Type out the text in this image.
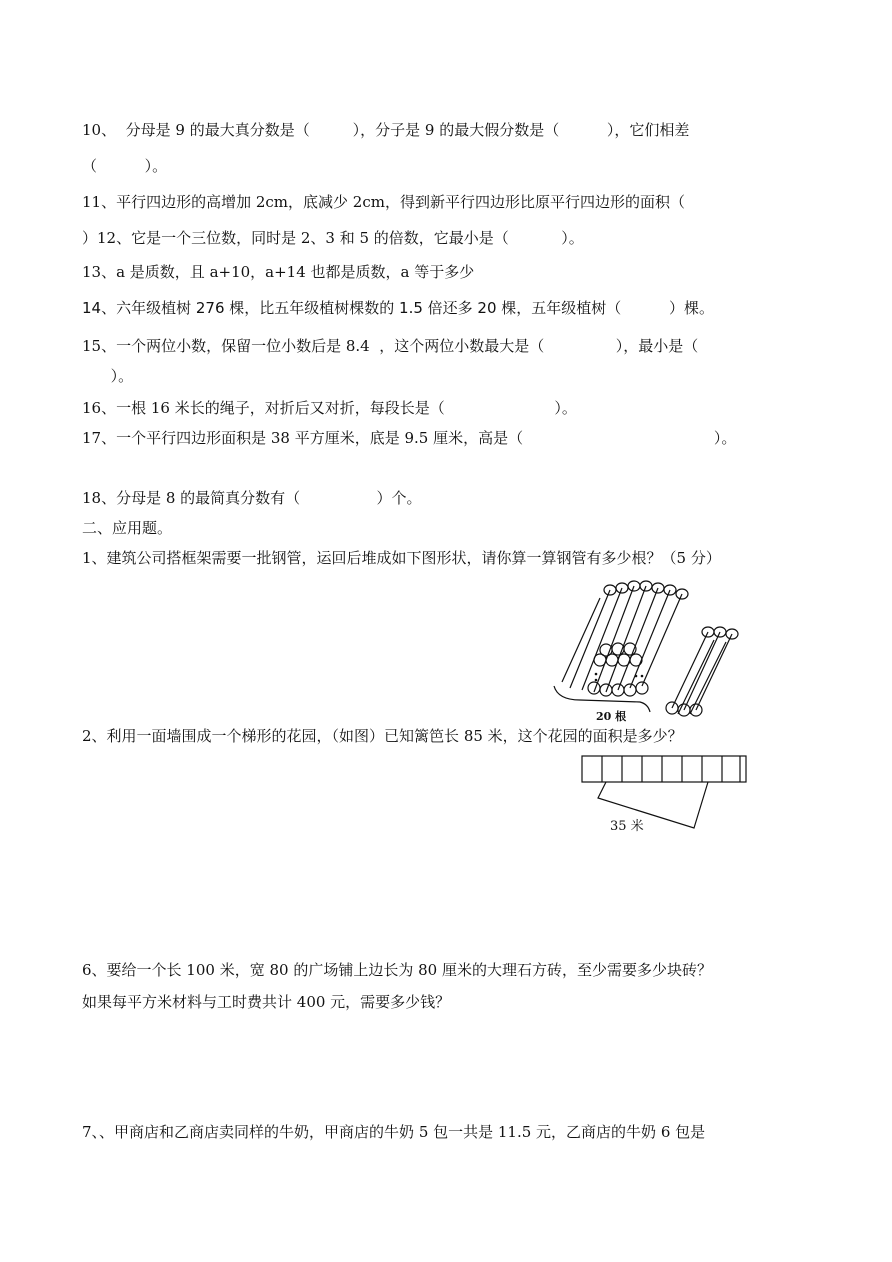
10、  分母是 9 的最大真分数是（         ），分子是 9 的最大假分数是（          ），它们相差
（          ）。
11、平行四边形的高增加 2cm，底减少 2cm，得到新平行四边形比原平行四边形的面积（
）12、它是一个三位数，同时是 2、3 和 5 的倍数，它最小是（           ）。
13、a 是质数，且 a+10，a+14 也都是质数，a 等于多少
14、六年级植树 276 棵，比五年级植树棵数的 1.5 倍还多 20 棵，五年级植树（          ）棵。
15、一个两位小数，保留一位小数后是 8.4  ，这个两位小数最大是（               ），最小是（
）。
16、一根 16 米长的绳子，对折后又对折，每段长是（                       ）。
17、一个平行四边形面积是 38 平方厘米，底是 9.5 厘米，高是（                                        ）。
18、分母是 8 的最简真分数有（                ）个。
二、应用题。
1、建筑公司搭框架需要一批钢管，运回后堆成如下图形状，请你算一算钢管有多少根？（5 分）
20 根
2、利用一面墙围成一个梯形的花园，（如图）已知篱笆长 85 米，这个花园的面积是多少？
35 米
6、要给一个长 100 米，宽 80 的广场铺上边长为 80 厘米的大理石方砖，至少需要多少块砖？
如果每平方米材料与工时费共计 400 元，需要多少钱？
7、、甲商店和乙商店卖同样的牛奶，甲商店的牛奶 5 包一共是 11.5 元，乙商店的牛奶 6 包是
